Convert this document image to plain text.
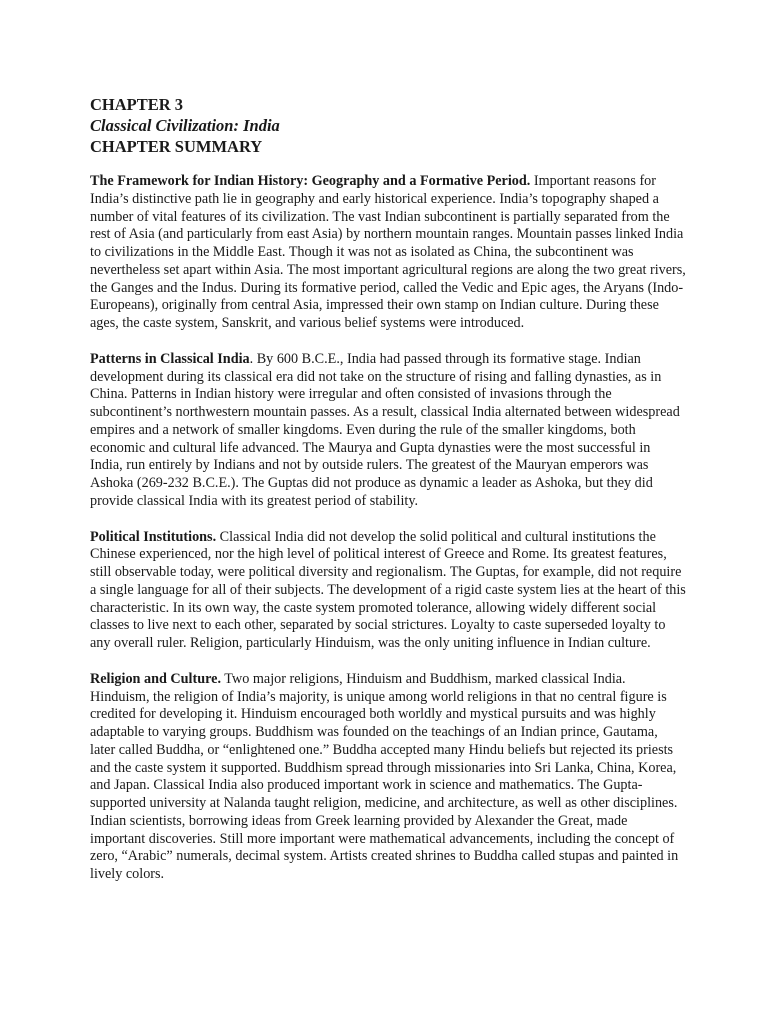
CHAPTER 3

Classical Civilization: India

CHAPTER SUMMARY

The Framework for Indian History: Geography and a Formative Period. Important reasons for India’s distinctive path lie in geography and early historical experience. India’s topography shaped a number of vital features of its civilization. The vast Indian subcontinent is partially separated from the rest of Asia (and particularly from east Asia) by northern mountain ranges. Mountain passes linked India to civilizations in the Middle East. Though it was not as isolated as China, the subcontinent was nevertheless set apart within Asia. The most important agricultural regions are along the two great rivers, the Ganges and the Indus. During its formative period, called the Vedic and Epic ages, the Aryans (Indo-Europeans), originally from central Asia, impressed their own stamp on Indian culture. During these ages, the caste system, Sanskrit, and various belief systems were introduced.

Patterns in Classical India. By 600 B.C.E., India had passed through its formative stage. Indian development during its classical era did not take on the structure of rising and falling dynasties, as in China. Patterns in Indian history were irregular and often consisted of invasions through the subcontinent’s northwestern mountain passes. As a result, classical India alternated between widespread empires and a network of smaller kingdoms. Even during the rule of the smaller kingdoms, both economic and cultural life advanced. The Maurya and Gupta dynasties were the most successful in India, run entirely by Indians and not by outside rulers. The greatest of the Mauryan emperors was Ashoka (269-232 B.C.E.). The Guptas did not produce as dynamic a leader as Ashoka, but they did provide classical India with its greatest period of stability.

Political Institutions. Classical India did not develop the solid political and cultural institutions the Chinese experienced, nor the high level of political interest of Greece and Rome. Its greatest features, still observable today, were political diversity and regionalism. The Guptas, for example, did not require a single language for all of their subjects. The development of a rigid caste system lies at the heart of this characteristic. In its own way, the caste system promoted tolerance, allowing widely different social classes to live next to each other, separated by social strictures. Loyalty to caste superseded loyalty to any overall ruler. Religion, particularly Hinduism, was the only uniting influence in Indian culture.

Religion and Culture. Two major religions, Hinduism and Buddhism, marked classical India. Hinduism, the religion of India’s majority, is unique among world religions in that no central figure is credited for developing it. Hinduism encouraged both worldly and mystical pursuits and was highly adaptable to varying groups. Buddhism was founded on the teachings of an Indian prince, Gautama, later called Buddha, or “enlightened one.” Buddha accepted many Hindu beliefs but rejected its priests and the caste system it supported. Buddhism spread through missionaries into Sri Lanka, China, Korea, and Japan. Classical India also produced important work in science and mathematics. The Gupta-supported university at Nalanda taught religion, medicine, and architecture, as well as other disciplines. Indian scientists, borrowing ideas from Greek learning provided by Alexander the Great, made important discoveries. Still more important were mathematical advancements, including the concept of zero, “Arabic” numerals, decimal system. Artists created shrines to Buddha called stupas and painted in lively colors.
